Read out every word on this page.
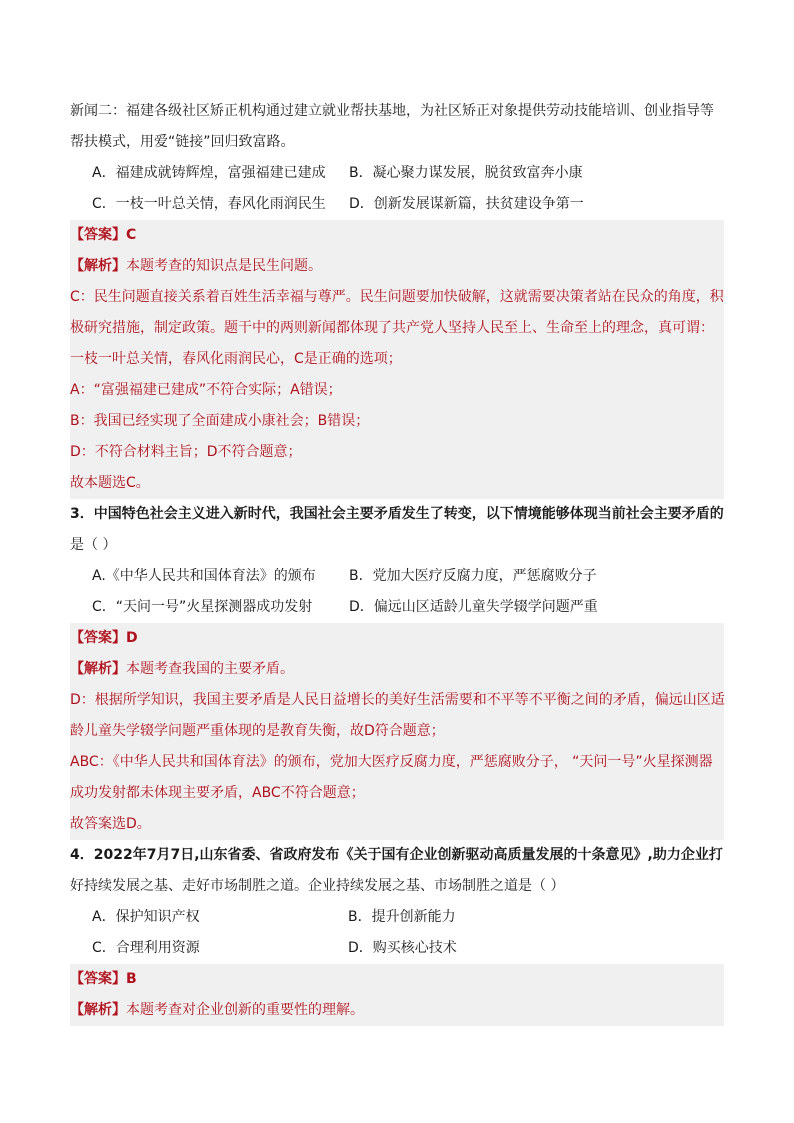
新闻二：福建各级社区矫正机构通过建立就业帮扶基地，为社区矫正对象提供劳动技能培训、创业指导等
帮扶模式，用爱“链接”回归致富路。
A．福建成就铸辉煌，富强福建已建成	B．凝心聚力谋发展，脱贫致富奔小康
C．一枝一叶总关情，春风化雨润民生	D．创新发展谋新篇，扶贫建设争第一
【答案】C
【解析】本题考查的知识点是民生问题。
C：民生问题直接关系着百姓生活幸福与尊严。民生问题要加快破解，这就需要决策者站在民众的角度，积
极研究措施，制定政策。题干中的两则新闻都体现了共产党人坚持人民至上、生命至上的理念，真可谓：
一枝一叶总关情，春风化雨润民心，C是正确的选项；
A：“富强福建已建成”不符合实际；A错误；
B：我国已经实现了全面建成小康社会；B错误；
D：不符合材料主旨；D不符合题意；
故本题选C。
3．中国特色社会主义进入新时代，我国社会主要矛盾发生了转变，以下情境能够体现当前社会主要矛盾的
是（ ）
A.《中华人民共和国体育法》的颁布	B．党加大医疗反腐力度，严惩腐败分子
C．“天问一号”火星探测器成功发射	D．偏远山区适龄儿童失学辍学问题严重
【答案】D
【解析】本题考查我国的主要矛盾。
D：根据所学知识，我国主要矛盾是人民日益增长的美好生活需要和不平等不平衡之间的矛盾，偏远山区适
龄儿童失学辍学问题严重体现的是教育失衡，故D符合题意；
ABC：《中华人民共和国体育法》的颁布，党加大医疗反腐力度，严惩腐败分子， “天问一号”火星探测器
成功发射都未体现主要矛盾，ABC不符合题意；
故答案选D。
4．2022年7月7日,山东省委、省政府发布《关于国有企业创新驱动高质量发展的十条意见》,助力企业打
好持续发展之基、走好市场制胜之道。企业持续发展之基、市场制胜之道是（ ）
A．保护知识产权	B．提升创新能力
C．合理利用资源	D．购买核心技术
【答案】B
【解析】本题考查对企业创新的重要性的理解。
